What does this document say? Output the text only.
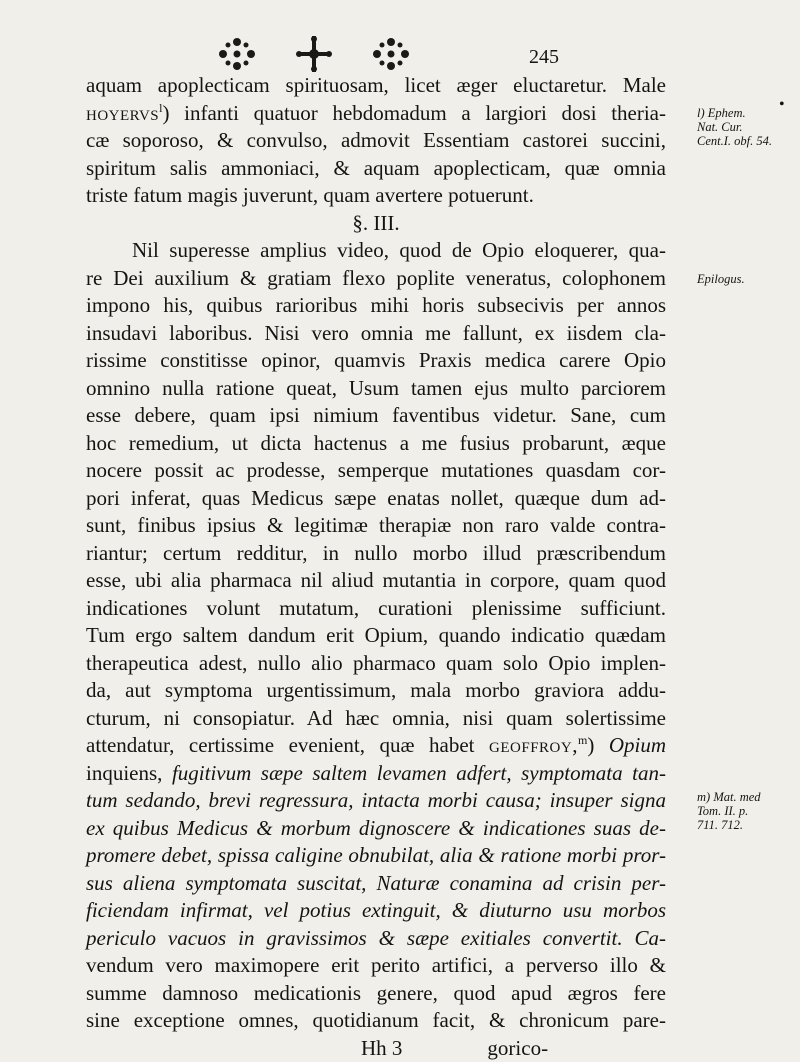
245
aquam apoplecticam spirituosam, licet æger eluctaretur. Male
hoyervs$^l$) infanti quatuor hebdomadum a largiori dosi theria-
cæ soporoso, & convulso, admovit Essentiam castorei succini,
spiritum salis ammoniaci, & aquam apoplecticam, quæ omnia
triste fatum magis juverunt, quam avertere potuerunt.
§. III.
Nil superesse amplius video, quod de Opio eloquerer, qua-
re Dei auxilium & gratiam flexo poplite veneratus, colophonem
impono his, quibus rarioribus mihi horis subsecivis per annos
insudavi laboribus. Nisi vero omnia me fallunt, ex iisdem cla-
rissime constitisse opinor, quamvis Praxis medica carere Opio
omnino nulla ratione queat, Usum tamen ejus multo parciorem
esse debere, quam ipsi nimium faventibus videtur. Sane, cum
hoc remedium, ut dicta hactenus a me fusius probarunt, æque
nocere possit ac prodesse, semperque mutationes quasdam cor-
pori inferat, quas Medicus sæpe enatas nollet, quæque dum ad-
sunt, finibus ipsius & legitimæ therapiæ non raro valde contra-
riantur; certum redditur, in nullo morbo illud præscribendum
esse, ubi alia pharmaca nil aliud mutantia in corpore, quam quod
indicationes volunt mutatum, curationi plenissime sufficiunt.
Tum ergo saltem dandum erit Opium, quando indicatio quædam
therapeutica adest, nullo alio pharmaco quam solo Opio implen-
da, aut symptoma urgentissimum, mala morbo graviora addu-
cturum, ni consopiatur. Ad hæc omnia, nisi quam solertissime
attendatur, certissime evenient, quæ habet geoffroy,$^m$) Opium
inquiens, fugitivum sæpe saltem levamen adfert, symptomata tan-
tum sedando, brevi regressura, intacta morbi causa; insuper signa
ex quibus Medicus & morbum dignoscere & indicationes suas de-
promere debet, spissa caligine obnubilat, alia & ratione morbi pror-
sus aliena symptomata suscitat, Naturæ conamina ad crisin per-
ficiendam infirmat, vel potius extinguit, & diuturno usu morbos
periculo vacuos in gravissimos & sæpe exitiales convertit. Ca-
vendum vero maximopere erit perito artifici, a perverso illo &
summe damnoso medicationis genere, quod apud ægros fere
sine exceptione omnes, quotidianum facit, & chronicum pare-
Hh 3	gorico-
l) Ephem.
Nat. Cur.
Cent.I. obf. 54.
Epilogus.
m) Mat. med
Tom. II. p.
711. 712.
•
